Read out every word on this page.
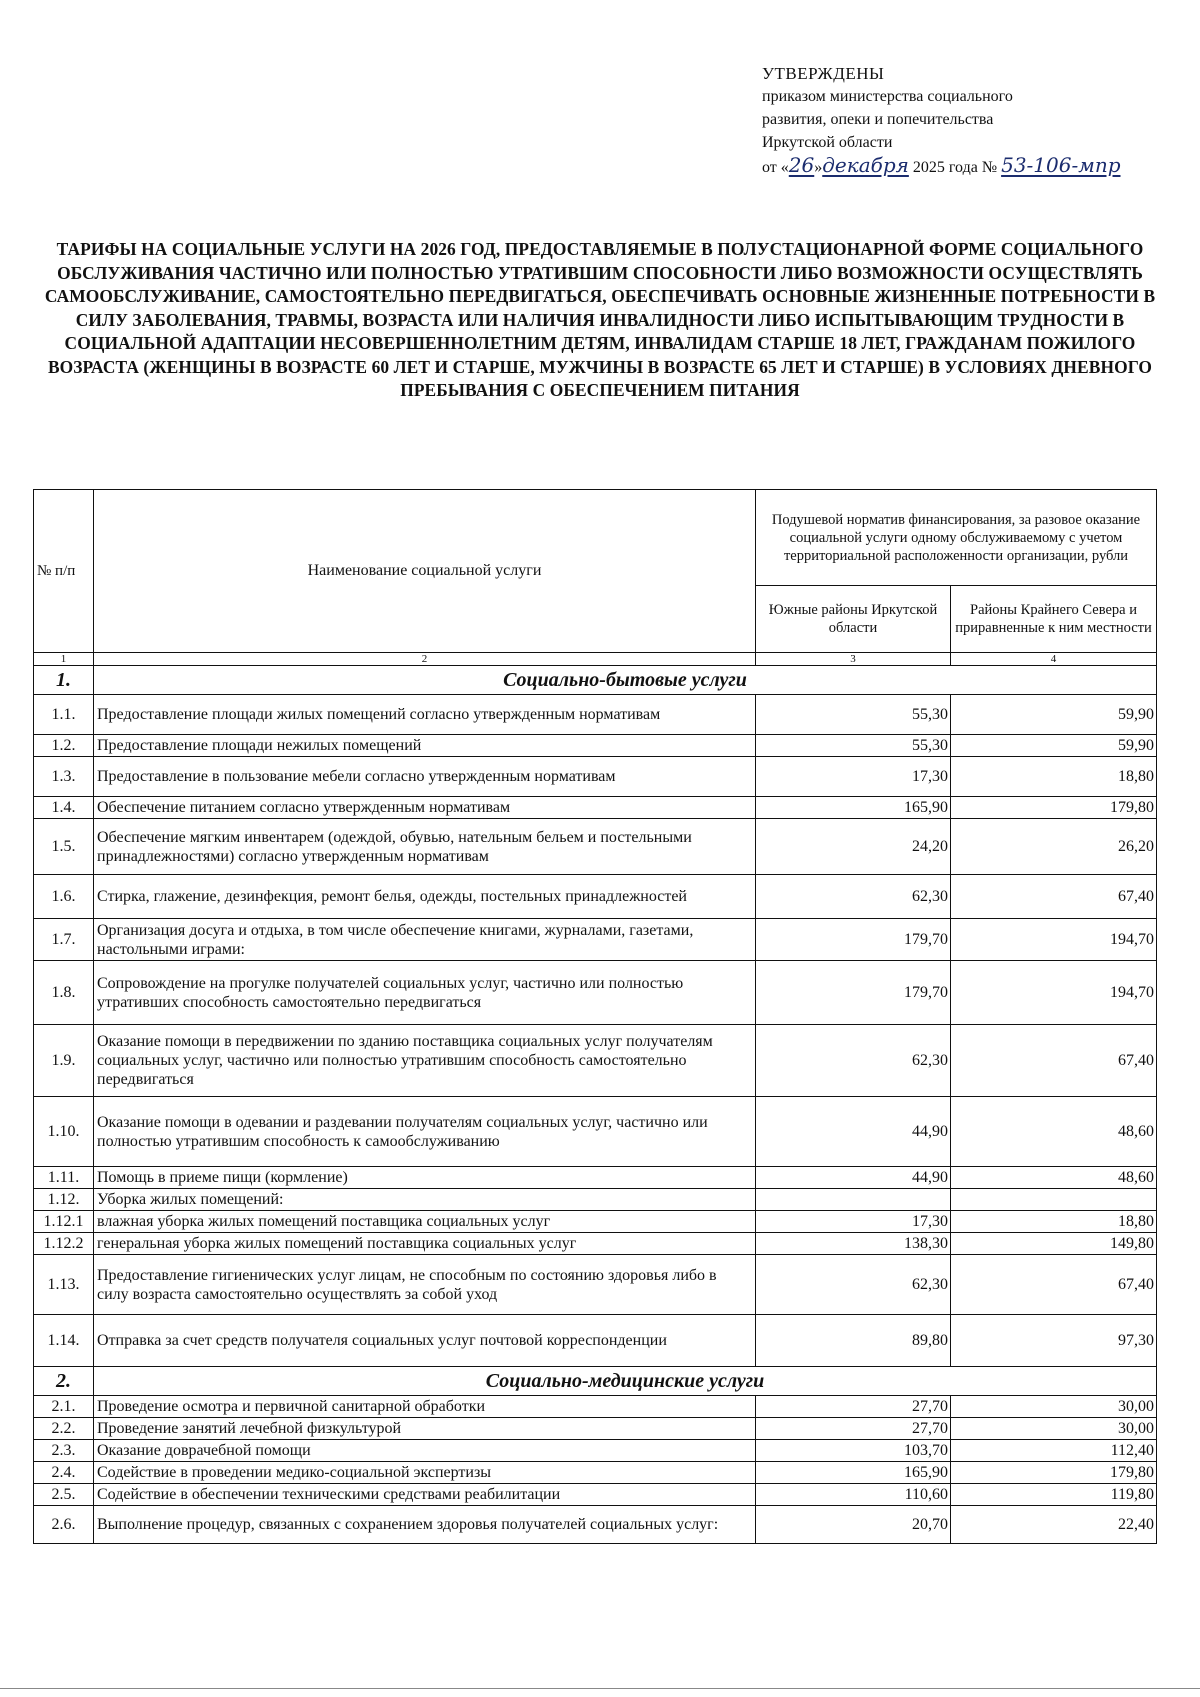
УТВЕРЖДЕНЫ
приказом министерства социального
развития, опеки и попечительства
Иркутской области
от «26»декабря 2025 года № 53-106-мпр
ТАРИФЫ НА СОЦИАЛЬНЫЕ УСЛУГИ НА 2026 ГОД, ПРЕДОСТАВЛЯЕМЫЕ В ПОЛУСТАЦИОНАРНОЙ ФОРМЕ СОЦИАЛЬНОГО ОБСЛУЖИВАНИЯ ЧАСТИЧНО ИЛИ ПОЛНОСТЬЮ УТРАТИВШИМ СПОСОБНОСТИ ЛИБО ВОЗМОЖНОСТИ ОСУЩЕСТВЛЯТЬ САМООБСЛУЖИВАНИЕ, САМОСТОЯТЕЛЬНО ПЕРЕДВИГАТЬСЯ, ОБЕСПЕЧИВАТЬ ОСНОВНЫЕ ЖИЗНЕННЫЕ ПОТРЕБНОСТИ В СИЛУ ЗАБОЛЕВАНИЯ, ТРАВМЫ, ВОЗРАСТА ИЛИ НАЛИЧИЯ ИНВАЛИДНОСТИ ЛИБО ИСПЫТЫВАЮЩИМ ТРУДНОСТИ В СОЦИАЛЬНОЙ АДАПТАЦИИ НЕСОВЕРШЕННОЛЕТНИМ ДЕТЯМ, ИНВАЛИДАМ СТАРШЕ 18 ЛЕТ, ГРАЖДАНАМ ПОЖИЛОГО ВОЗРАСТА (ЖЕНЩИНЫ В ВОЗРАСТЕ 60 ЛЕТ И СТАРШЕ, МУЖЧИНЫ В ВОЗРАСТЕ 65 ЛЕТ И СТАРШЕ) В УСЛОВИЯХ ДНЕВНОГО ПРЕБЫВАНИЯ С ОБЕСПЕЧЕНИЕМ ПИТАНИЯ
№ п/п	Наименование социальной услуги	Подушевой норматив финансирования, за разовое оказание социальной услуги одному обслуживаемому с учетом территориальной расположенности организации, рубли	
		Южные районы Иркутской области	Районы Крайнего Севера и приравненные к ним местности
1	2	3	4
1.	Социально-бытовые услуги		
1.1.	Предоставление площади жилых помещений согласно утвержденным нормативам	55,30	59,90
1.2.	Предоставление площади нежилых помещений	55,30	59,90
1.3.	Предоставление в пользование мебели согласно утвержденным нормативам	17,30	18,80
1.4.	Обеспечение питанием согласно утвержденным нормативам	165,90	179,80
1.5.	Обеспечение мягким инвентарем (одеждой, обувью, нательным бельем и постельными принадлежностями) согласно утвержденным нормативам	24,20	26,20
1.6.	Стирка, глажение, дезинфекция, ремонт белья, одежды, постельных принадлежностей	62,30	67,40
1.7.	Организация досуга и отдыха, в том числе обеспечение книгами, журналами, газетами, настольными играми:	179,70	194,70
1.8.	Сопровождение на прогулке получателей социальных услуг, частично или полностью утративших способность самостоятельно передвигаться	179,70	194,70
1.9.	Оказание помощи в передвижении по зданию поставщика социальных услуг получателям социальных услуг, частично или полностью утратившим способность самостоятельно передвигаться	62,30	67,40
1.10.	Оказание помощи в одевании и раздевании получателям социальных услуг, частично или полностью утратившим способность к самообслуживанию	44,90	48,60
1.11.	Помощь в приеме пищи (кормление)	44,90	48,60
1.12.	Уборка жилых помещений:		
1.12.1	влажная уборка жилых помещений поставщика социальных услуг	17,30	18,80
1.12.2	генеральная уборка жилых помещений поставщика социальных услуг	138,30	149,80
1.13.	Предоставление гигиенических услуг лицам, не способным по состоянию здоровья либо в силу возраста самостоятельно осуществлять за собой уход	62,30	67,40
1.14.	Отправка за счет средств получателя социальных услуг почтовой корреспонденции	89,80	97,30
2.	Социально-медицинские услуги		
2.1.	Проведение осмотра и первичной санитарной обработки	27,70	30,00
2.2.	Проведение занятий лечебной физкультурой	27,70	30,00
2.3.	Оказание доврачебной помощи	103,70	112,40
2.4.	Содействие в проведении медико-социальной экспертизы	165,90	179,80
2.5.	Содействие в обеспечении техническими средствами реабилитации	110,60	119,80
2.6.	Выполнение процедур, связанных с сохранением здоровья получателей социальных услуг:	20,70	22,40
